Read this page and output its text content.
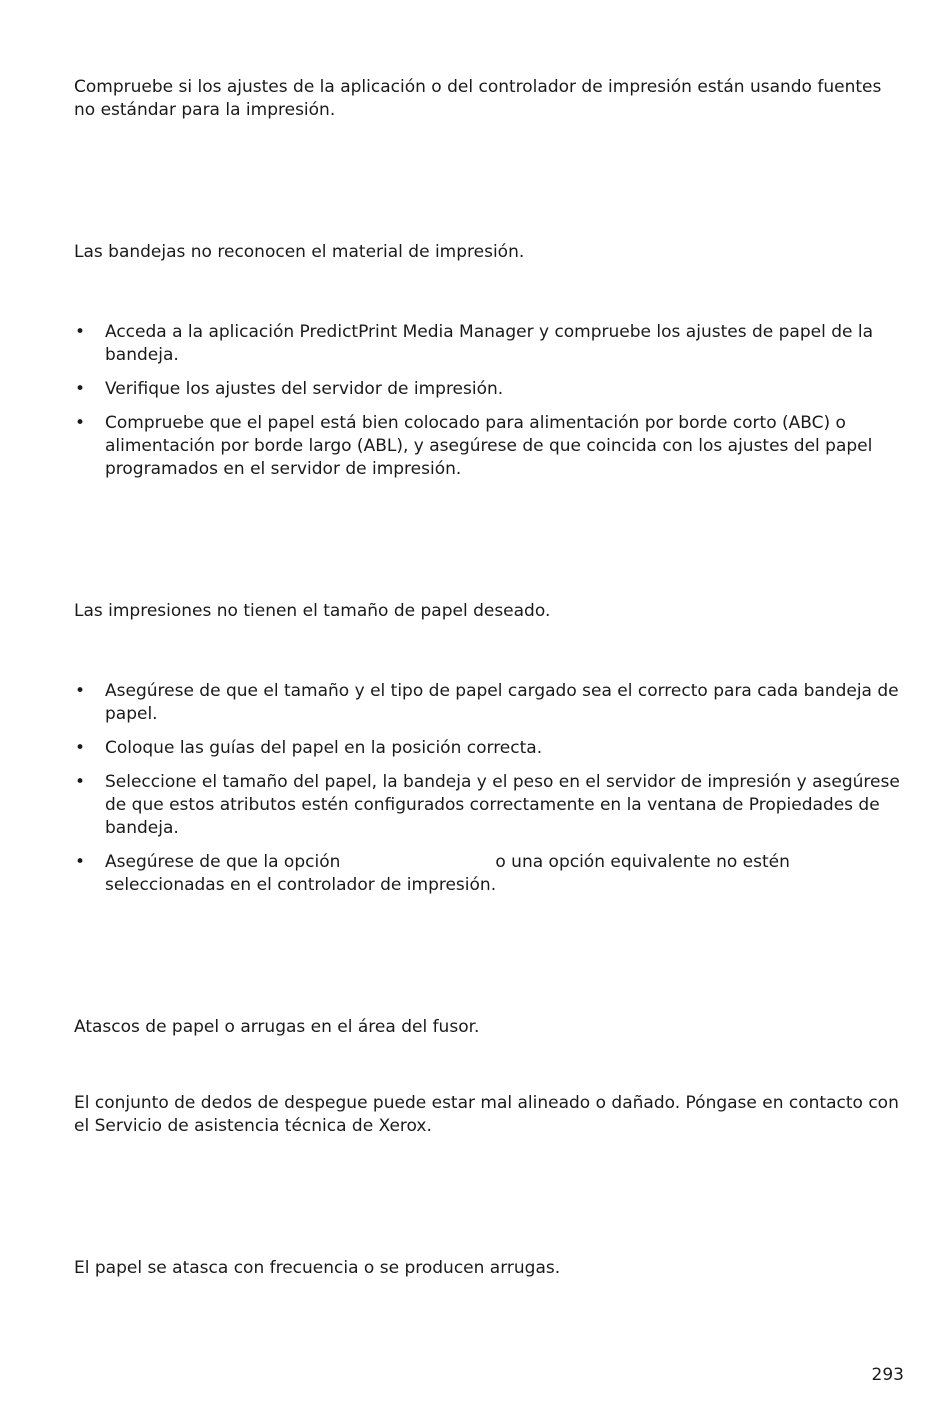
Compruebe si los ajustes de la aplicación o del controlador de impresión están usando fuentes no estándar para la impresión.

Las bandejas no reconocen el material de impresión.

• Acceda a la aplicación PredictPrint Media Manager y compruebe los ajustes de papel de la bandeja.
• Verifique los ajustes del servidor de impresión.
• Compruebe que el papel está bien colocado para alimentación por borde corto (ABC) o alimentación por borde largo (ABL), y asegúrese de que coincida con los ajustes del papel programados en el servidor de impresión.

Las impresiones no tienen el tamaño de papel deseado.

• Asegúrese de que el tamaño y el tipo de papel cargado sea el correcto para cada bandeja de papel.
• Coloque las guías del papel en la posición correcta.
• Seleccione el tamaño del papel, la bandeja y el peso en el servidor de impresión y asegúrese de que estos atributos estén configurados correctamente en la ventana de Propiedades de bandeja.
• Asegúrese de que la opción	o una opción equivalente no estén seleccionadas en el controlador de impresión.

Atascos de papel o arrugas en el área del fusor.

El conjunto de dedos de despegue puede estar mal alineado o dañado. Póngase en contacto con el Servicio de asistencia técnica de Xerox.

El papel se atasca con frecuencia o se producen arrugas.

293
